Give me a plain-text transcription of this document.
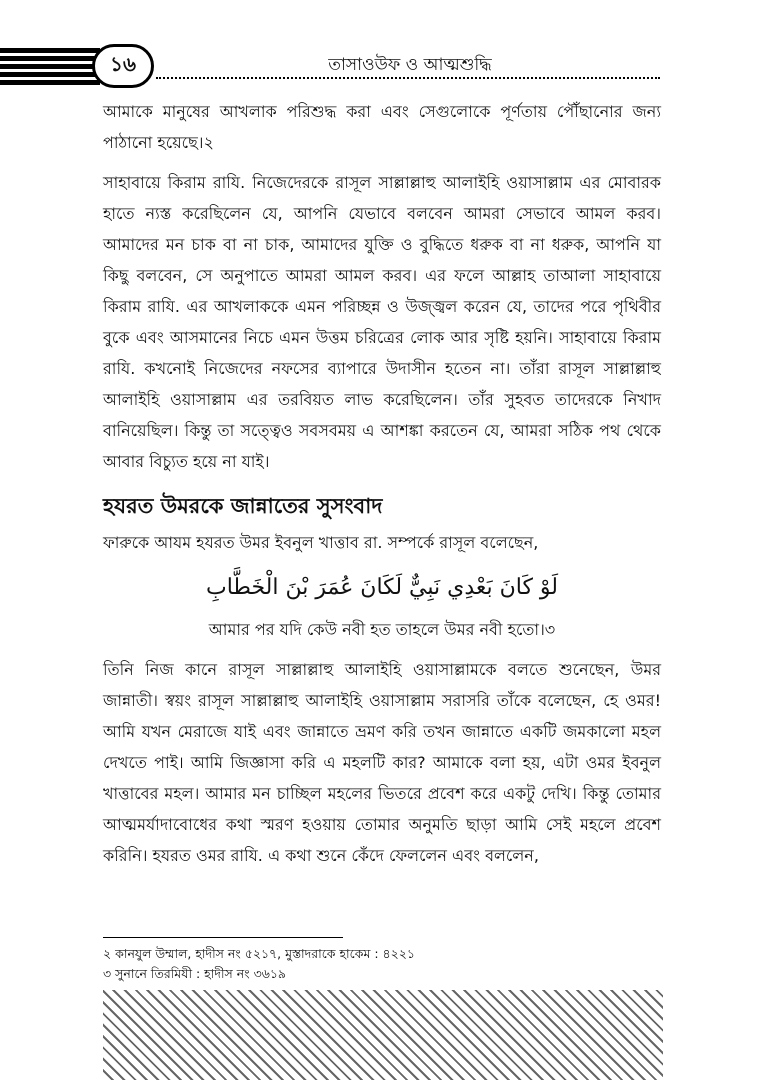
১৬	তাসাওউফ ও আত্মশুদ্ধি

আমাকে মানুষের আখলাক পরিশুদ্ধ করা এবং সেগুলোকে পূর্ণতায় পৌঁছানোর জন্য পাঠানো হয়েছে।২

সাহাবায়ে কিরাম রাযি. নিজেদেরকে রাসূল সাল্লাল্লাহু আলাইহি ওয়াসাল্লাম এর মোবারক হাতে ন্যস্ত করেছিলেন যে, আপনি যেভাবে বলবেন আমরা সেভাবে আমল করব। আমাদের মন চাক বা না চাক, আমাদের যুক্তি ও বুদ্ধিতে ধরুক বা না ধরুক, আপনি যা কিছু বলবেন, সে অনুপাতে আমরা আমল করব। এর ফলে আল্লাহ তাআলা সাহাবায়ে কিরাম রাযি. এর আখলাককে এমন পরিচ্ছন্ন ও উজ্জ্বল করেন যে, তাদের পরে পৃথিবীর বুকে এবং আসমানের নিচে এমন উত্তম চরিত্রের লোক আর সৃষ্টি হয়নি। সাহাবায়ে কিরাম রাযি. কখনোই নিজেদের নফসের ব্যাপারে উদাসীন হতেন না। তাঁরা রাসূল সাল্লাল্লাহু আলাইহি ওয়াসাল্লাম এর তরবিয়ত লাভ করেছিলেন। তাঁর সুহবত তাদেরকে নিখাদ বানিয়েছিল। কিন্তু তা সত্ত্বেও সবসবময় এ আশঙ্কা করতেন যে, আমরা সঠিক পথ থেকে আবার বিচ্যুত হয়ে না যাই।

হযরত উমরকে জান্নাতের সুসংবাদ

ফারুকে আযম হযরত উমর ইবনুল খাত্তাব রা. সম্পর্কে রাসূল বলেছেন,

لَوْ كَانَ بَعْدِي نَبِيٌّ لَكَانَ عُمَرَ بْنَ الْخَطَّابِ

আমার পর যদি কেউ নবী হত তাহলে উমর নবী হতো।৩

তিনি নিজ কানে রাসূল সাল্লাল্লাহু আলাইহি ওয়াসাল্লামকে বলতে শুনেছেন, উমর জান্নাতী। স্বয়ং রাসূল সাল্লাল্লাহু আলাইহি ওয়াসাল্লাম সরাসরি তাঁকে বলেছেন, হে ওমর! আমি যখন মেরাজে যাই এবং জান্নাতে ভ্রমণ করি তখন জান্নাতে একটি জমকালো মহল দেখতে পাই। আমি জিজ্ঞাসা করি এ মহলটি কার? আমাকে বলা হয়, এটা ওমর ইবনুল খাত্তাবের মহল। আমার মন চাচ্ছিল মহলের ভিতরে প্রবেশ করে একটু দেখি। কিন্তু তোমার আত্মমর্যাদাবোধের কথা স্মরণ হওয়ায় তোমার অনুমতি ছাড়া আমি সেই মহলে প্রবেশ করিনি। হযরত ওমর রাযি. এ কথা শুনে কেঁদে ফেললেন এবং বললেন,

২ কানযুল উম্মাল, হাদীস নং ৫২১৭, মুস্তাদরাকে হাকেম : ৪২২১
৩ সুনানে তিরমিযী : হাদীস নং ৩৬১৯
